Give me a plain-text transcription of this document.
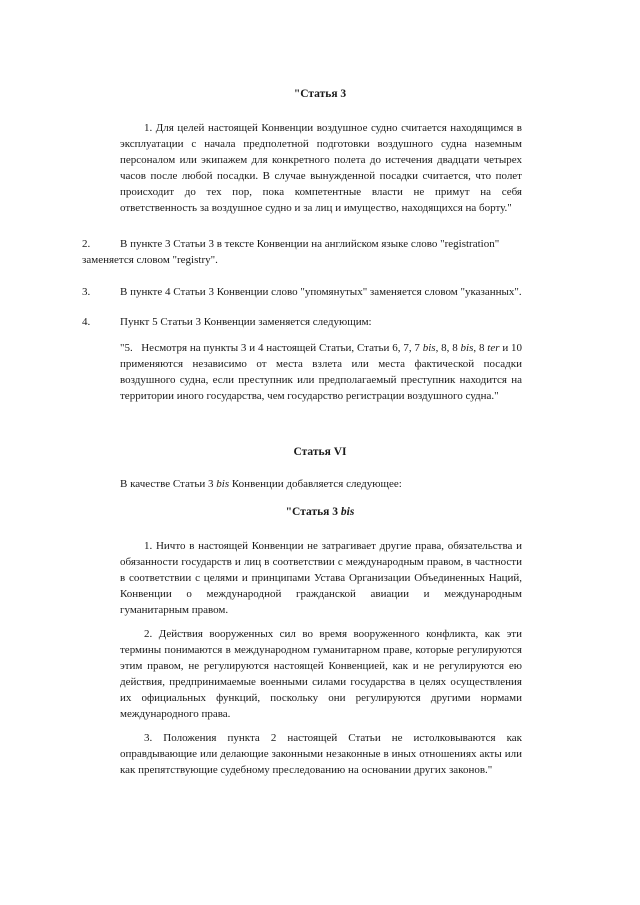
"Статья 3

1. Для целей настоящей Конвенции воздушное судно считается находящимся в эксплуатации с начала предполетной подготовки воздушного судна наземным персоналом или экипажем для конкретного полета до истечения двадцати четырех часов после любой посадки. В случае вынужденной посадки считается, что полет происходит до тех пор, пока компетентные власти не примут на себя ответственность за воздушное судно и за лиц и имущество, находящихся на борту."

2.	В пункте 3 Статьи 3 в тексте Конвенции на английском языке слово "registration" заменяется словом "registry".

3.	В пункте 4 Статьи 3 Конвенции слово "упомянутых" заменяется словом "указанных".

4.	Пункт 5 Статьи 3 Конвенции заменяется следующим:

"5. Несмотря на пункты 3 и 4 настоящей Статьи, Статьи 6, 7, 7 bis, 8, 8 bis, 8 ter и 10 применяются независимо от места взлета или места фактической посадки воздушного судна, если преступник или предполагаемый преступник находится на территории иного государства, чем государство регистрации воздушного судна."

Статья VI

В качестве Статьи 3 bis Конвенции добавляется следующее:

"Статья 3 bis

1. Ничто в настоящей Конвенции не затрагивает другие права, обязательства и обязанности государств и лиц в соответствии с международным правом, в частности в соответствии с целями и принципами Устава Организации Объединенных Наций, Конвенции о международной гражданской авиации и международным гуманитарным правом.

2. Действия вооруженных сил во время вооруженного конфликта, как эти термины понимаются в международном гуманитарном праве, которые регулируются этим правом, не регулируются настоящей Конвенцией, как и не регулируются ею действия, предпринимаемые военными силами государства в целях осуществления их официальных функций, поскольку они регулируются другими нормами международного права.

3. Положения пункта 2 настоящей Статьи не истолковываются как оправдывающие или делающие законными незаконные в иных отношениях акты или как препятствующие судебному преследованию на основании других законов."
